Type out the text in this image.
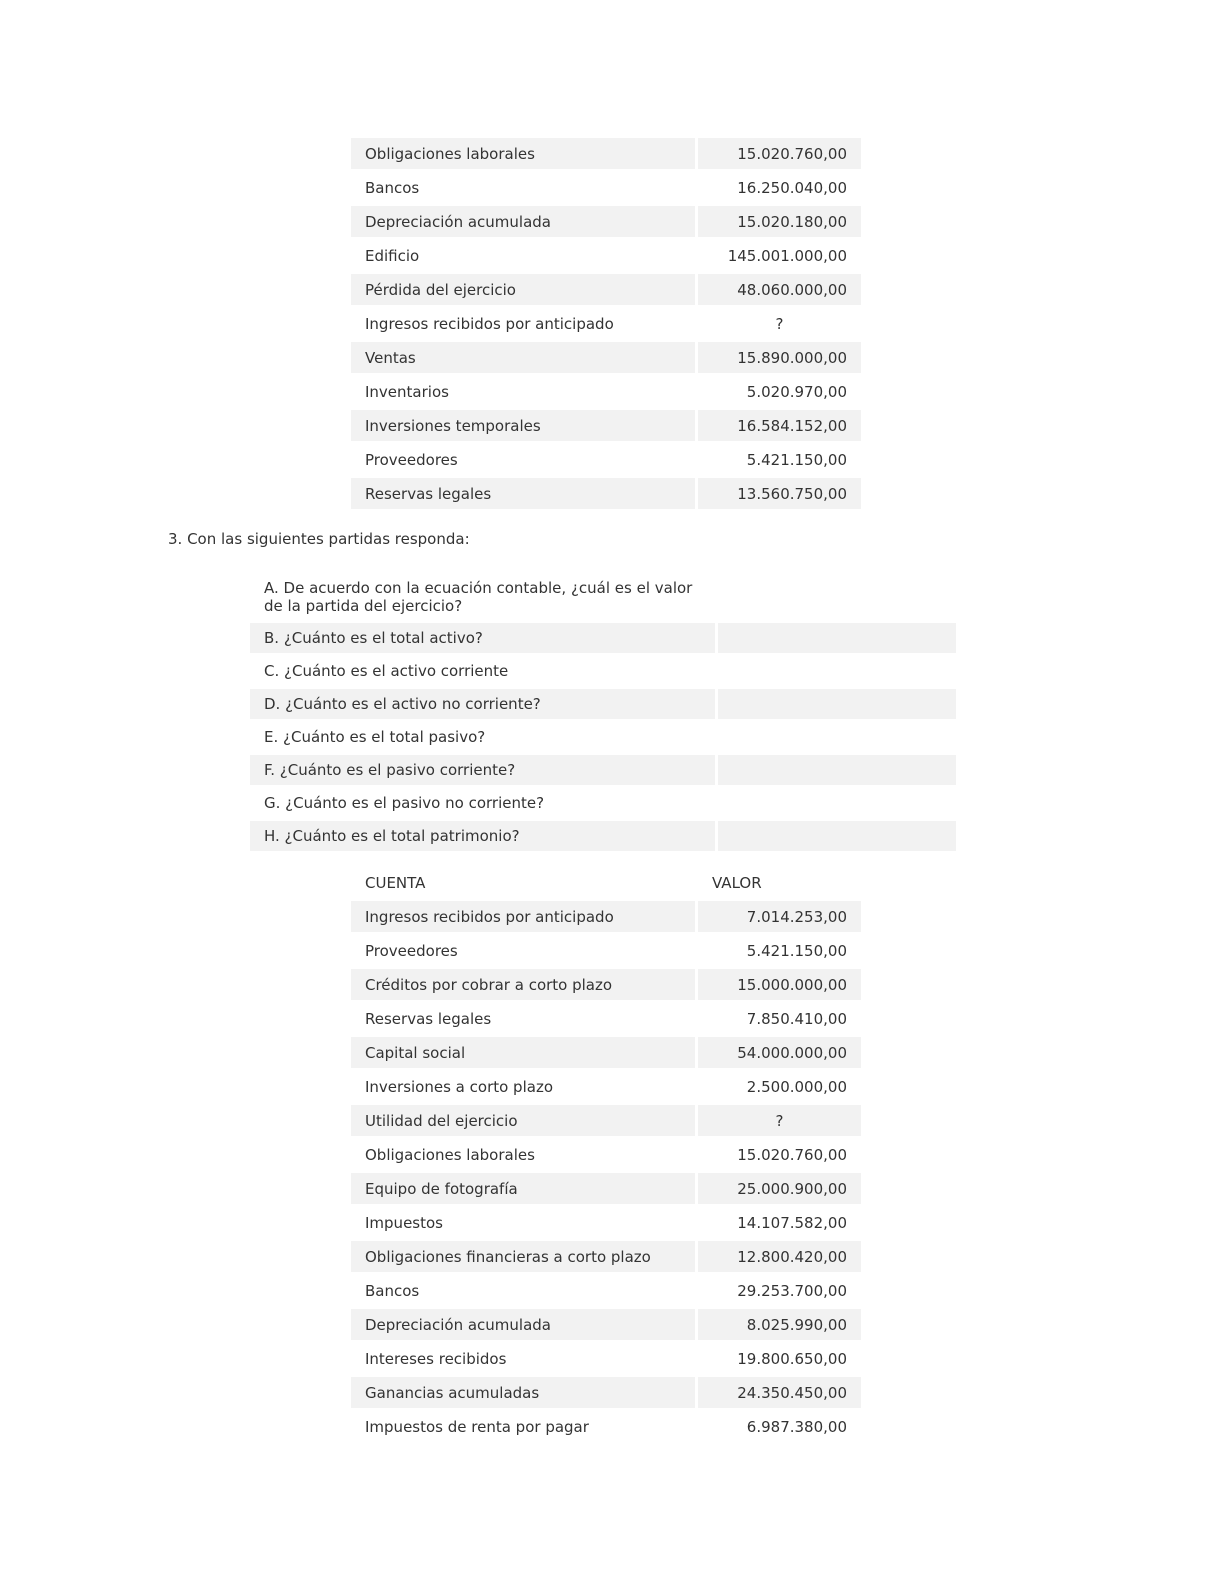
Obligaciones laborales	15.020.760,00
Bancos	16.250.040,00
Depreciación acumulada	15.020.180,00
Edificio	145.001.000,00
Pérdida del ejercicio	48.060.000,00
Ingresos recibidos por anticipado	?
Ventas	15.890.000,00
Inventarios	5.020.970,00
Inversiones temporales	16.584.152,00
Proveedores	5.421.150,00
Reservas legales	13.560.750,00

3. Con las siguientes partidas responda:

A. De acuerdo con la ecuación contable, ¿cuál es el valor de la partida del ejercicio?	
B. ¿Cuánto es el total activo?	
C. ¿Cuánto es el activo corriente	
D. ¿Cuánto es el activo no corriente?	
E. ¿Cuánto es el total pasivo?	
F. ¿Cuánto es el pasivo corriente?	
G. ¿Cuánto es el pasivo no corriente?	
H. ¿Cuánto es el total patrimonio?	
CUENTA	VALOR
Ingresos recibidos por anticipado	7.014.253,00
Proveedores	5.421.150,00
Créditos por cobrar a corto plazo	15.000.000,00
Reservas legales	7.850.410,00
Capital social	54.000.000,00
Inversiones a corto plazo	2.500.000,00
Utilidad del ejercicio	?
Obligaciones laborales	15.020.760,00
Equipo de fotografía	25.000.900,00
Impuestos	14.107.582,00
Obligaciones financieras a corto plazo	12.800.420,00
Bancos	29.253.700,00
Depreciación acumulada	8.025.990,00
Intereses recibidos	19.800.650,00
Ganancias acumuladas	24.350.450,00
Impuestos de renta por pagar	6.987.380,00
